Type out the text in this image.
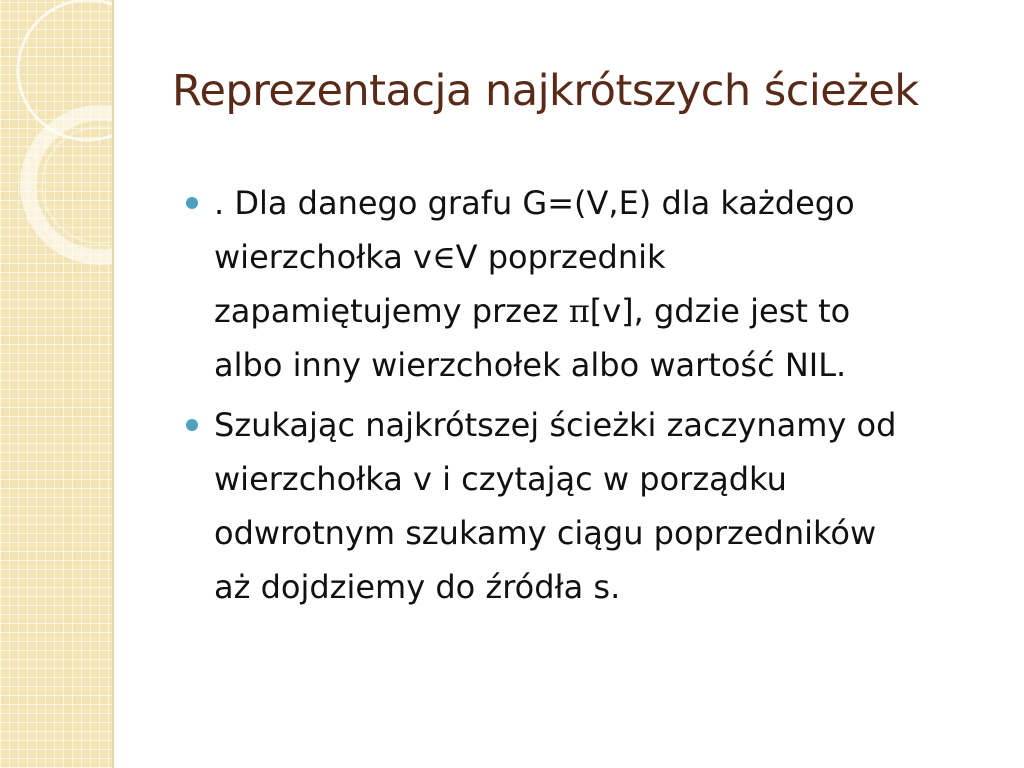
Reprezentacja najkrótszych ścieżek
. Dla danego grafu G=(V,E) dla każdego
wierzchołka v∈V poprzednik
zapamiętujemy przez π[v], gdzie jest to
albo inny wierzchołek albo wartość NIL.
Szukając najkrótszej ścieżki zaczynamy od
wierzchołka v i czytając w porządku
odwrotnym szukamy ciągu poprzedników
aż dojdziemy do źródła s.
